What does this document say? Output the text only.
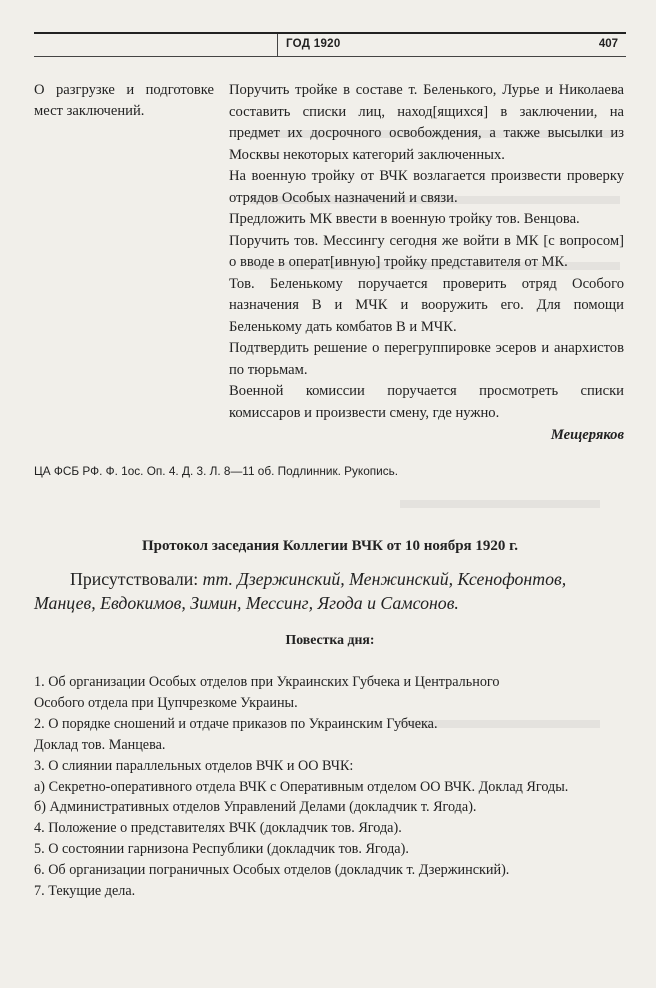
ГОД 1920	407
О разгрузке и подготовке мест заключений.

Поручить тройке в составе т. Беленького, Лурье и Николаева составить списки лиц, наход[ящихся] в заключении, на предмет их досрочного освобождения, а также высылки из Москвы некоторых категорий заключенных.

На военную тройку от ВЧК возлагается произвести проверку отрядов Особых назначений и связи.

Предложить МК ввести в военную тройку тов. Венцова.

Поручить тов. Мессингу сегодня же войти в МК [с вопросом] о вводе в операт[ивную] тройку представителя от МК.

Тов. Беленькому поручается проверить отряд Особого назначения В и МЧК и вооружить его. Для помощи Беленькому дать комбатов В и МЧК.

Подтвердить решение о перегруппировке эсеров и анархистов по тюрьмам.

Военной комиссии поручается просмотреть списки комиссаров и произвести смену, где нужно.

Мещеряков
ЦА ФСБ РФ. Ф. 1ос. Оп. 4. Д. 3. Л. 8—11 об. Подлинник. Рукопись.
Протокол заседания Коллегии ВЧК от 10 ноября 1920 г.
Присутствовали: тт. Дзержинский, Менжинский, Ксенофонтов, Манцев, Евдокимов, Зимин, Мессинг, Ягода и Самсонов.
Повестка дня:
1. Об организации Особых отделов при Украинских Губчека и Центрального
Особого отдела при Цупчрезкоме Украины.
2. О порядке сношений и отдаче приказов по Украинским Губчека.
Доклад тов. Манцева.
3. О слиянии параллельных отделов ВЧК и ОО ВЧК:
а) Секретно-оперативного отдела ВЧК с Оперативным отделом ОО ВЧК. Доклад Ягоды.
б) Административных отделов Управлений Делами (докладчик т. Ягода).
4. Положение о представителях ВЧК (докладчик тов. Ягода).
5. О состоянии гарнизона Республики (докладчик тов. Ягода).
6. Об организации пограничных Особых отделов (докладчик т. Дзержинский).
7. Текущие дела.
